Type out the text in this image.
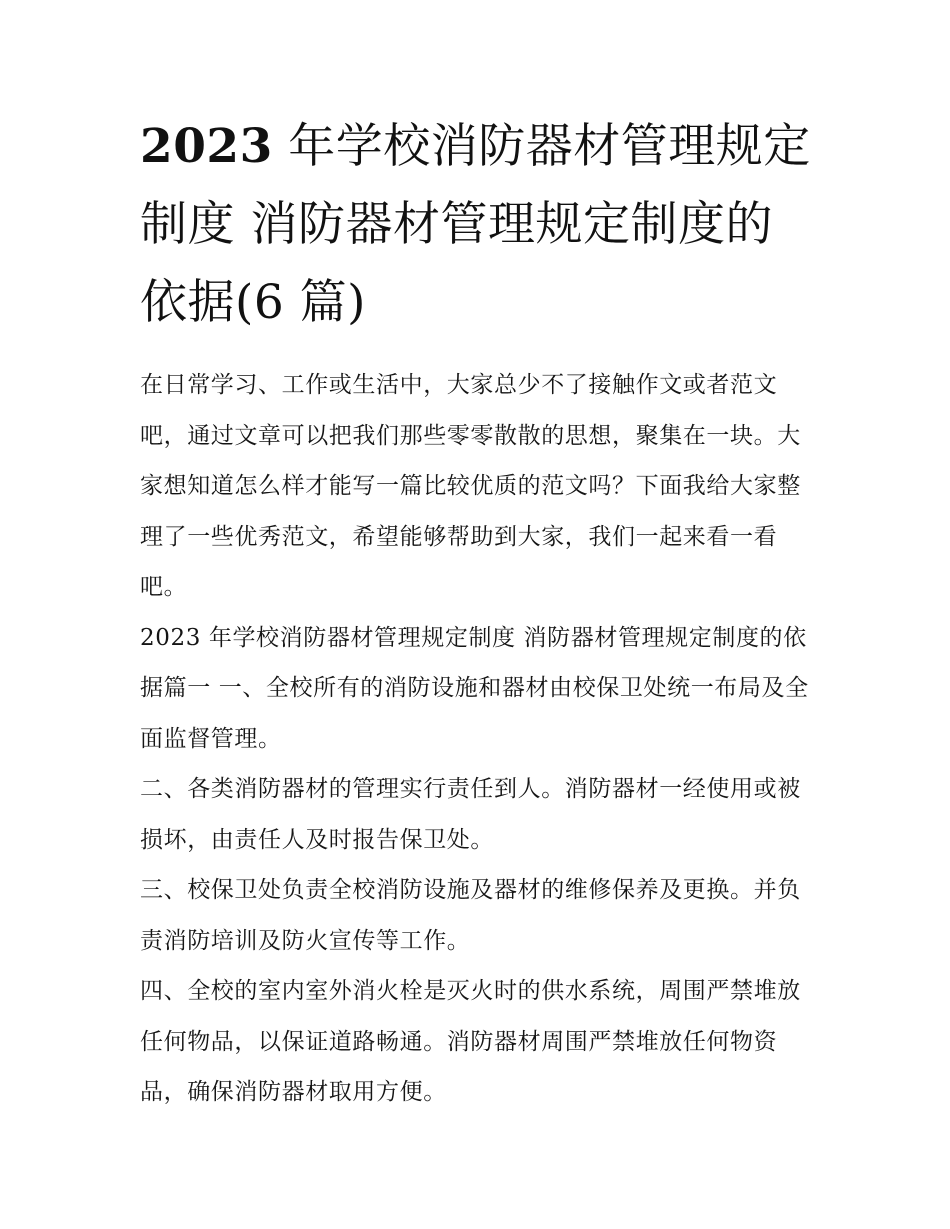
2023 年学校消防器材管理规定制度 消防器材管理规定制度的依据(6 篇)

在日常学习、工作或生活中，大家总少不了接触作文或者范文吧，通过文章可以把我们那些零零散散的思想，聚集在一块。大家想知道怎么样才能写一篇比较优质的范文吗？下面我给大家整理了一些优秀范文，希望能够帮助到大家，我们一起来看一看吧。

2023 年学校消防器材管理规定制度 消防器材管理规定制度的依据篇一 一、全校所有的消防设施和器材由校保卫处统一布局及全面监督管理。

二、各类消防器材的管理实行责任到人。消防器材一经使用或被损坏，由责任人及时报告保卫处。

三、校保卫处负责全校消防设施及器材的维修保养及更换。并负责消防培训及防火宣传等工作。

四、全校的室内室外消火栓是灭火时的供水系统，周围严禁堆放任何物品，以保证道路畅通。消防器材周围严禁堆放任何物资品，确保消防器材取用方便。
